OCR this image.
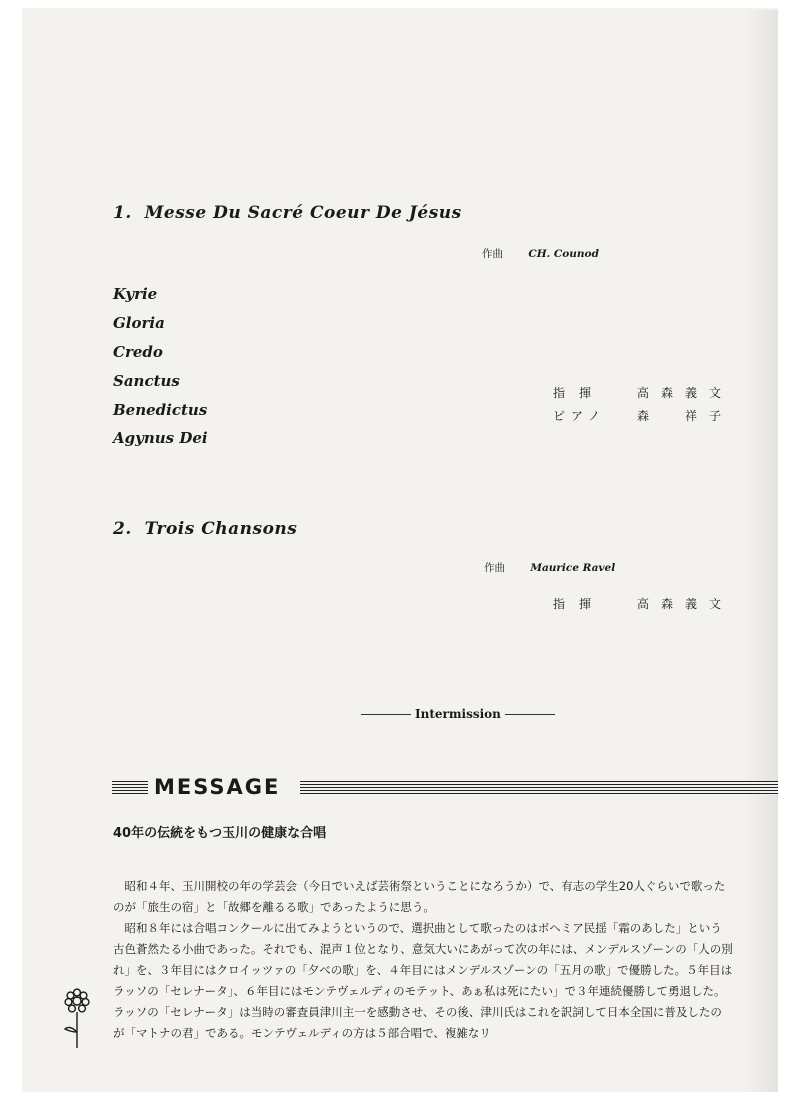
1. Messe Du Sacré Coeur De Jésus
作曲 CH. Counod
Kyrie
Gloria
Credo
Sanctus
Benedictus
Agynus Dei
指揮	高森義文
ピアノ	森　祥子
2. Trois Chansons
作曲 Maurice Ravel
指揮	高森義文
Intermission
MESSAGE
40年の伝統をもつ玉川の健康な合唱

　昭和４年、玉川開校の年の学芸会（今日でいえば芸術祭ということになろうか）で、有志の学生20人ぐらいで歌ったのが「旅生の宿」と「故郷を離るる歌」であったように思う。

　昭和８年には合唱コンクールに出てみようというので、選択曲として歌ったのはボヘミア民揺「霜のあした」という古色蒼然たる小曲であった。それでも、混声１位となり、意気大いにあがって次の年には、メンデルスゾーンの「人の別れ」を、３年目にはクロイッツァの「夕べの歌」を、４年目にはメンデルスゾーンの「五月の歌」で優勝した。５年目はラッソの「セレナータ」、６年目にはモンテヴェルディのモテット、あぁ私は死にたい」で３年連続優勝して勇退した。ラッソの「セレナータ」は当時の審査員津川主一を感動させ、その後、津川氏はこれを訳詞して日本全国に普及したのが「マトナの君」である。モンテヴェルディの方は５部合唱で、複雑なリ
